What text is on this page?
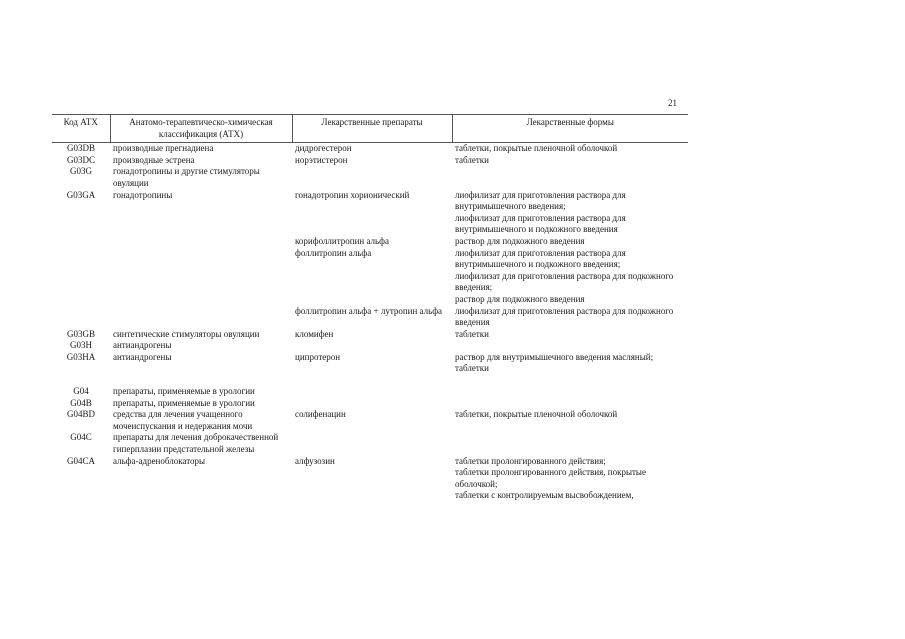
21
Код АТХ	Анатомо-терапевтическо-химическая классификация (АТХ)	Лекарственные препараты	Лекарственные формы
G03DB	производные прегнадиена	дидрогестерон	таблетки, покрытые пленочной оболочкой
G03DC	производные эстрена	норэтистерон	таблетки
G03G	гонадотропины и другие стимуляторы овуляции		
G03GA	гонадотропины	гонадотропин хорионический	лиофилизат для приготовления раствора для внутримышечного введения;
лиофилизат для приготовления раствора для внутримышечного и подкожного введения
		корифоллитропин альфа	раствор для подкожного введения
		фоллитропин альфа	лиофилизат для приготовления раствора для внутримышечного и подкожного введения;
лиофилизат для приготовления раствора для подкожного введения;
раствор для подкожного введения
		фоллитропин альфа + лутропин альфа	лиофилизат для приготовления раствора для подкожного введения
G03GB	синтетические стимуляторы овуляции	кломифен	таблетки
G03H	антиандрогены		
G03HA	антиандрогены	ципротерон	раствор для внутримышечного введения масляный;
таблетки
G04	препараты, применяемые в урологии		
G04B	препараты, применяемые в урологии		
G04BD	средства для лечения учащенного мочеиспускания и недержания мочи	солифенацин	таблетки, покрытые пленочной оболочкой
G04C	препараты для лечения доброкачественной гиперплазии предстательной железы		
G04CA	альфа-адреноблокаторы	алфузозин	таблетки пролонгированного действия;
таблетки пролонгированного действия, покрытые оболочкой;
таблетки с контролируемым высвобождением,
